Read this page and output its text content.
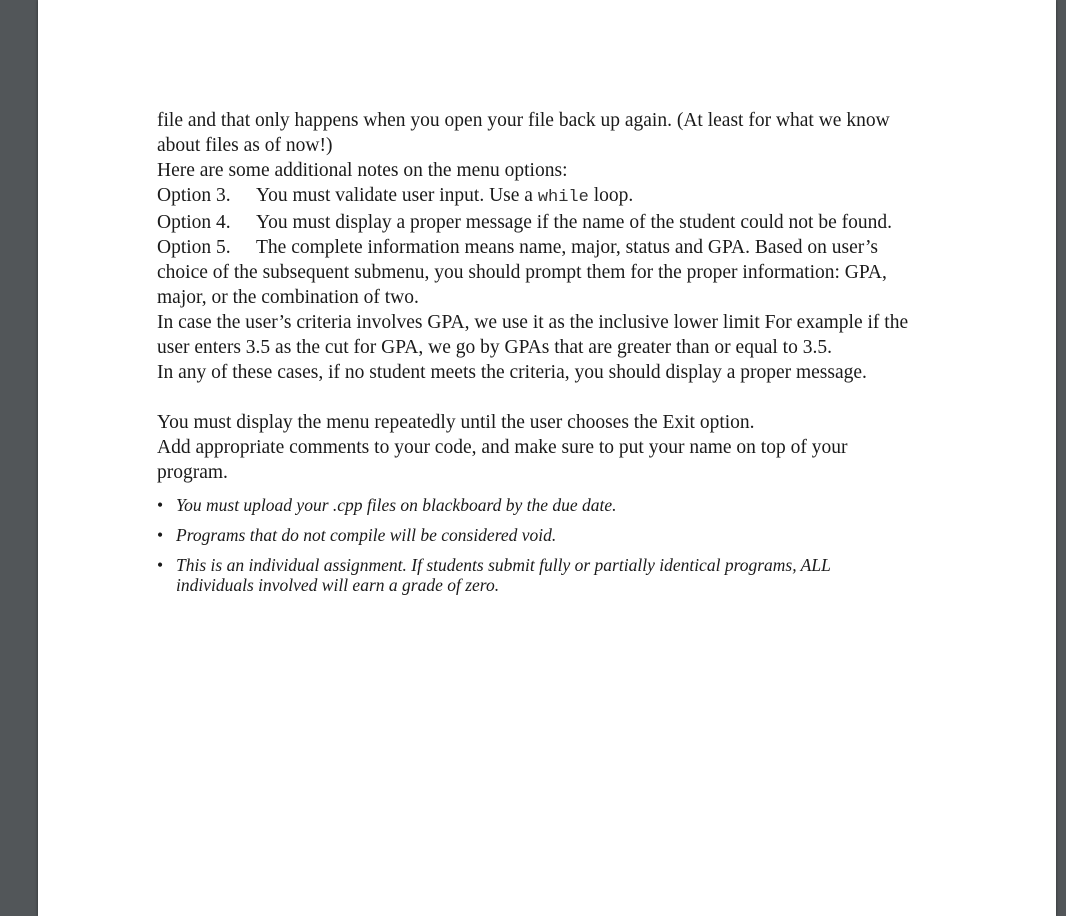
file and that only happens when you open your file back up again. (At least for what we know
about files as of now!)
Here are some additional notes on the menu options:
Option 3. You must validate user input. Use a while loop.
Option 4. You must display a proper message if the name of the student could not be found.
Option 5. The complete information means name, major, status and GPA. Based on user’s
choice of the subsequent submenu, you should prompt them for the proper information: GPA,
major, or the combination of two.
In case the user’s criteria involves GPA, we use it as the inclusive lower limit For example if the
user enters 3.5 as the cut for GPA, we go by GPAs that are greater than or equal to 3.5.
In any of these cases, if no student meets the criteria, you should display a proper message.
You must display the menu repeatedly until the user chooses the Exit option.
Add appropriate comments to your code, and make sure to put your name on top of your
program.
• You must upload your .cpp files on blackboard by the due date.
• Programs that do not compile will be considered void.
• This is an individual assignment. If students submit fully or partially identical programs, ALL
individuals involved will earn a grade of zero.
